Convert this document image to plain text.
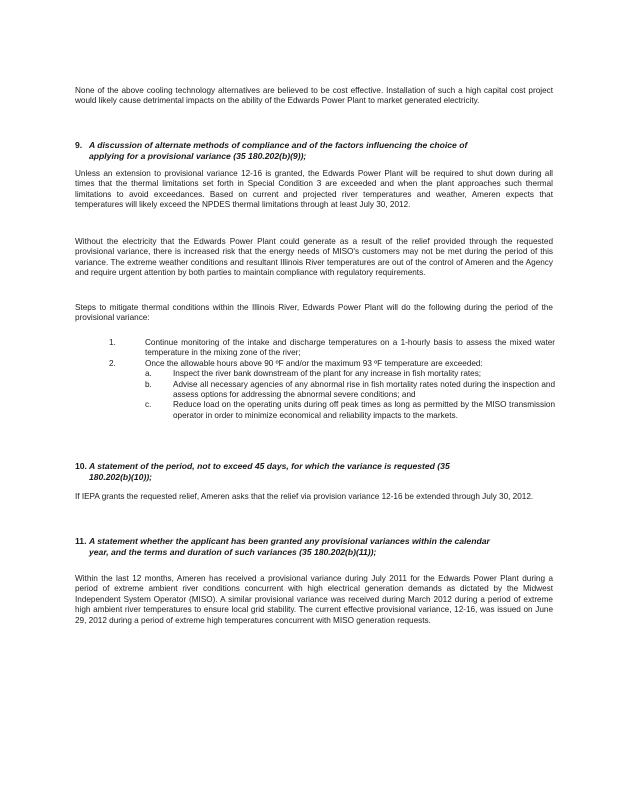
None of the above cooling technology alternatives are believed to be cost effective. Installation of such a high capital cost project would likely cause detrimental impacts on the ability of the Edwards Power Plant to market generated electricity.

9. A discussion of alternate methods of compliance and of the factors influencing the choice of
applying for a provisional variance (35 180.202(b)(9));

Unless an extension to provisional variance 12-16 is granted, the Edwards Power Plant will be required to shut down during all times that the thermal limitations set forth in Special Condition 3 are exceeded and when the plant approaches such thermal limitations to avoid exceedances. Based on current and projected river temperatures and weather, Ameren expects that temperatures will likely exceed the NPDES thermal limitations through at least July 30, 2012.

Without the electricity that the Edwards Power Plant could generate as a result of the relief provided through the requested provisional variance, there is increased risk that the energy needs of MISO's customers may not be met during the period of this variance. The extreme weather conditions and resultant Illinois River temperatures are out of the control of Ameren and the Agency and require urgent attention by both parties to maintain compliance with regulatory requirements.

Steps to mitigate thermal conditions within the Illinois River, Edwards Power Plant will do the following during the period of the provisional variance:

1.	Continue monitoring of the intake and discharge temperatures on a 1-hourly basis to assess the mixed water temperature in the mixing zone of the river;
2.	Once the allowable hours above 90 ºF and/or the maximum 93 ºF temperature are exceeded:
a.	Inspect the river bank downstream of the plant for any increase in fish mortality rates;
b.	Advise all necessary agencies of any abnormal rise in fish mortality rates noted during the inspection and assess options for addressing the abnormal severe conditions; and
c.	Reduce load on the operating units during off peak times as long as permitted by the MISO transmission operator in order to minimize economical and reliability impacts to the markets.
10. A statement of the period, not to exceed 45 days, for which the variance is requested (35
180.202(b)(10));

If IEPA grants the requested relief, Ameren asks that the relief via provision variance 12-16 be extended through July 30, 2012.

11. A statement whether the applicant has been granted any provisional variances within the calendar
year, and the terms and duration of such variances (35 180.202(b)(11));

Within the last 12 months, Ameren has received a provisional variance during July 2011 for the Edwards Power Plant during a period of extreme ambient river conditions concurrent with high electrical generation demands as dictated by the Midwest Independent System Operator (MISO). A similar provisional variance was received during March 2012 during a period of extreme high ambient river temperatures to ensure local grid stability. The current effective provisional variance, 12-16, was issued on June 29, 2012 during a period of extreme high temperatures concurrent with MISO generation requests.
